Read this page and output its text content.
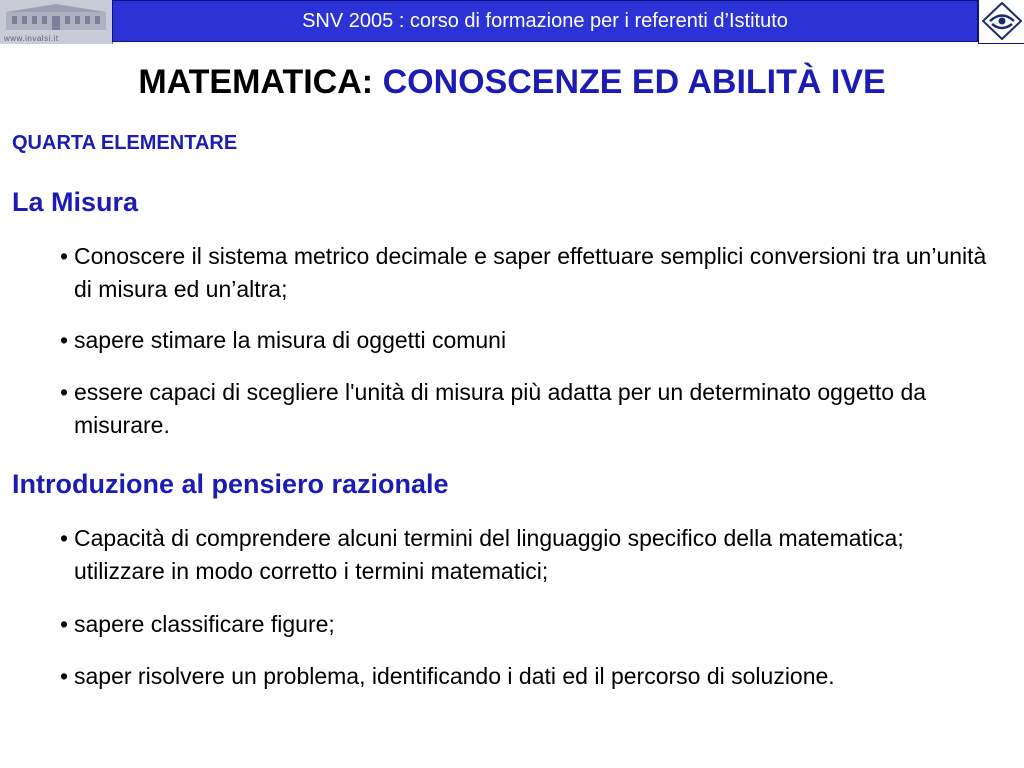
www.invalsi.it
SNV 2005 : corso di formazione per i referenti d’Istituto
MATEMATICA: CONOSCENZE ED ABILITÀ IVE
QUARTA ELEMENTARE
La Misura
• Conoscere il sistema metrico decimale e saper effettuare semplici conversioni tra un’unità di misura ed un’altra;
• sapere stimare la misura di oggetti comuni
• essere capaci di scegliere l'unità di misura più adatta per un determinato oggetto da misurare.
Introduzione al pensiero razionale
• Capacità di comprendere alcuni termini del linguaggio specifico della matematica; utilizzare in modo corretto i termini matematici;
• sapere classificare figure;
• saper risolvere un problema, identificando i dati ed il percorso di soluzione.
